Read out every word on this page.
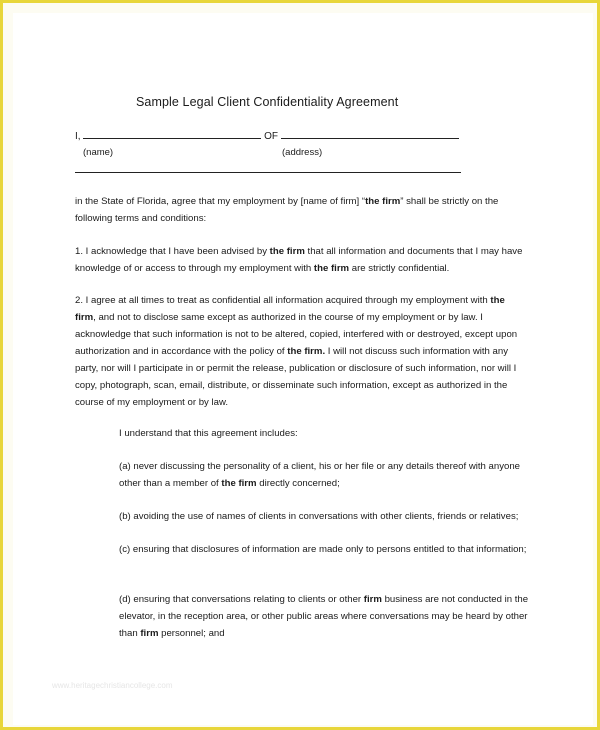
Sample Legal Client Confidentiality Agreement
I,	OF
(name)	(address)
in the State of Florida, agree that my employment by [name of firm] “the firm” shall be strictly on the following terms and conditions:
1. I acknowledge that I have been advised by the firm that all information and documents that I may have knowledge of or access to through my employment with the firm are strictly confidential.
2. I agree at all times to treat as confidential all information acquired through my employment with the firm, and not to disclose same except as authorized in the course of my employment or by law. I acknowledge that such information is not to be altered, copied, interfered with or destroyed, except upon authorization and in accordance with the policy of the firm. I will not discuss such information with any party, nor will I participate in or permit the release, publication or disclosure of such information, nor will I copy, photograph, scan, email, distribute, or disseminate such information, except as authorized in the course of my employment or by law.
I understand that this agreement includes:
(a) never discussing the personality of a client, his or her file or any details thereof with anyone other than a member of the firm directly concerned;
(b) avoiding the use of names of clients in conversations with other clients, friends or relatives;
(c) ensuring that disclosures of information are made only to persons entitled to that information;
(d) ensuring that conversations relating to clients or other firm business are not conducted in the elevator, in the reception area, or other public areas where conversations may be heard by other than firm personnel; and
www.heritagechristiancollege.com
